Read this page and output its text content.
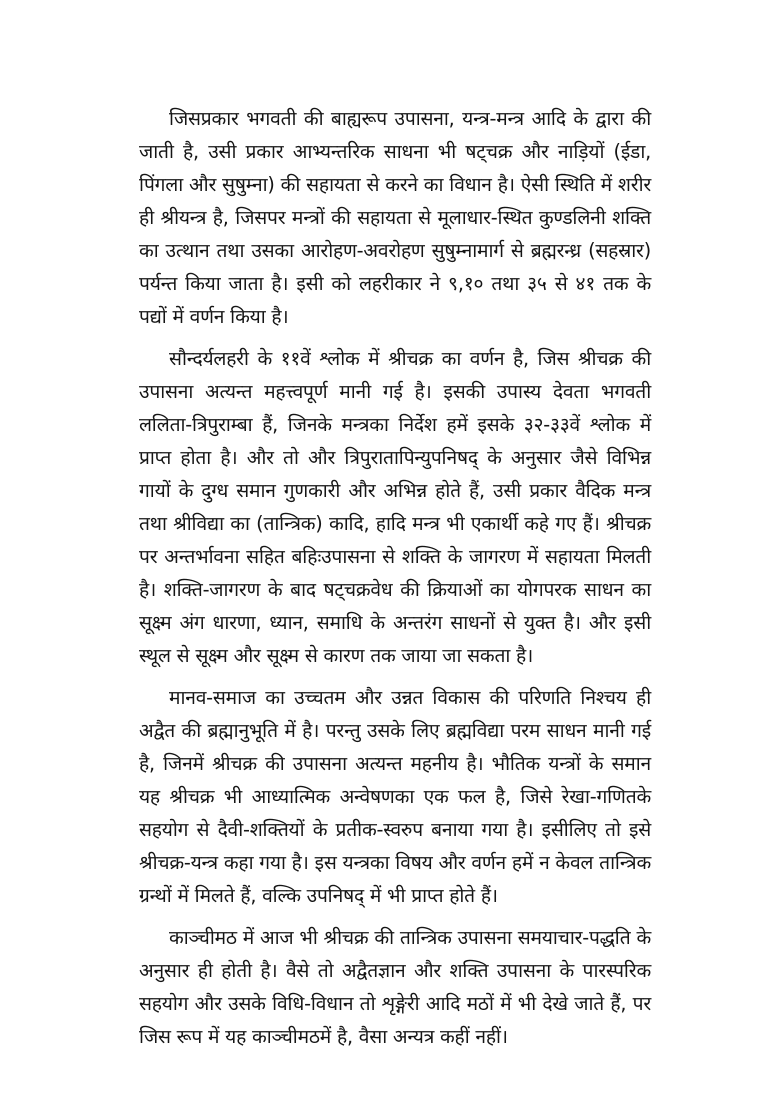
जिसप्रकार भगवती की बाह्यरूप उपासना, यन्त्र-मन्त्र आदि के द्वारा की जाती है, उसी प्रकार आभ्यन्तरिक साधना भी षट्चक्र और नाड़ियों (ईडा, पिंगला और सुषुम्ना) की सहायता से करने का विधान है। ऐसी स्थिति में शरीर ही श्रीयन्त्र है, जिसपर मन्त्रों की सहायता से मूलाधार-स्थित कुण्डलिनी शक्ति का उत्थान तथा उसका आरोहण-अवरोहण सुषुम्नामार्ग से ब्रह्मरन्ध्र (सहस्रार) पर्यन्त किया जाता है। इसी को लहरीकार ने ९,१० तथा ३५ से ४१ तक के पद्यों में वर्णन किया है।

सौन्दर्यलहरी के ११वें श्लोक में श्रीचक्र का वर्णन है, जिस श्रीचक्र की उपासना अत्यन्त महत्त्वपूर्ण मानी गई है। इसकी उपास्य देवता भगवती ललिता-त्रिपुराम्बा हैं, जिनके मन्त्रका निर्देश हमें इसके ३२-३३वें श्लोक में प्राप्त होता है। और तो और त्रिपुरातापिन्युपनिषद् के अनुसार जैसे विभिन्न गायों के दुग्ध समान गुणकारी और अभिन्न होते हैं, उसी प्रकार वैदिक मन्त्र तथा श्रीविद्या का (तान्त्रिक) कादि, हादि मन्त्र भी एकार्थी कहे गए हैं। श्रीचक्र पर अन्तर्भावना सहित बहिःउपासना से शक्ति के जागरण में सहायता मिलती है। शक्ति-जागरण के बाद षट्चक्रवेध की क्रियाओं का योगपरक साधन का सूक्ष्म अंग धारणा, ध्यान, समाधि के अन्तरंग साधनों से युक्त है। और इसी स्थूल से सूक्ष्म और सूक्ष्म से कारण तक जाया जा सकता है।

मानव-समाज का उच्चतम और उन्नत विकास की परिणति निश्चय ही अद्वैत की ब्रह्मानुभूति में है। परन्तु उसके लिए ब्रह्मविद्या परम साधन मानी गई है, जिनमें श्रीचक्र की उपासना अत्यन्त महनीय है। भौतिक यन्त्रों के समान यह श्रीचक्र भी आध्यात्मिक अन्वेषणका एक फल है, जिसे रेखा-गणितके सहयोग से दैवी-शक्तियों के प्रतीक-स्वरुप बनाया गया है। इसीलिए तो इसे श्रीचक्र-यन्त्र कहा गया है। इस यन्त्रका विषय और वर्णन हमें न केवल तान्त्रिक ग्रन्थों में मिलते हैं, वल्कि उपनिषद् में भी प्राप्त होते हैं।

काञ्चीमठ में आज भी श्रीचक्र की तान्त्रिक उपासना समयाचार-पद्धति के अनुसार ही होती है। वैसे तो अद्वैतज्ञान और शक्ति उपासना के पारस्परिक सहयोग और उसके विधि-विधान तो शृङ्गेरी आदि मठों में भी देखे जाते हैं, पर जिस रूप में यह काञ्चीमठमें है, वैसा अन्यत्र कहीं नहीं।
